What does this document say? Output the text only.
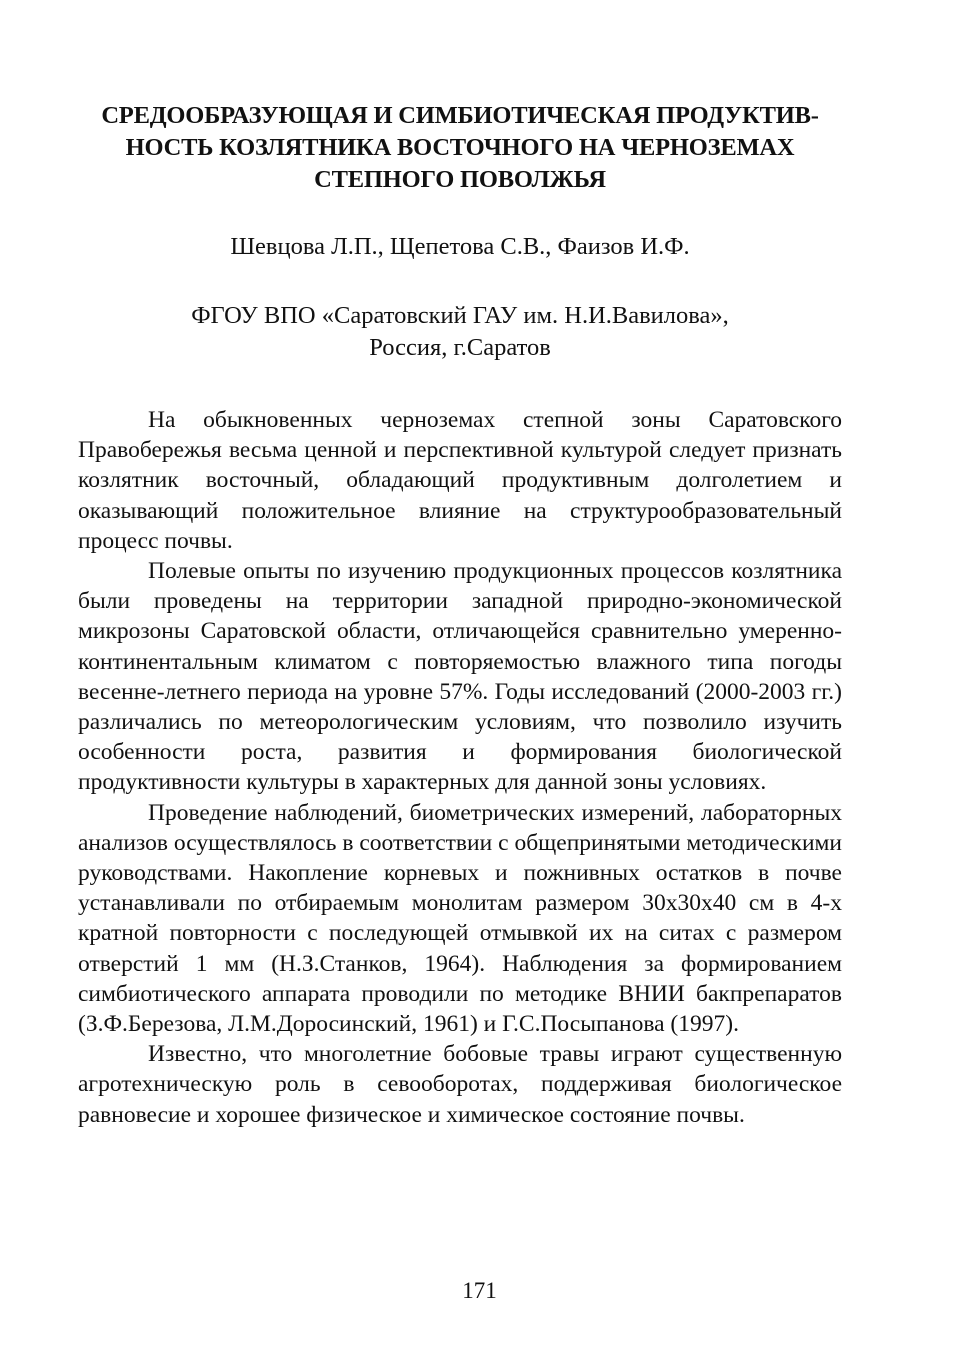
СРЕДООБРАЗУЮЩАЯ И СИМБИОТИЧЕСКАЯ ПРОДУКТИВ-
НОСТЬ КОЗЛЯТНИКА ВОСТОЧНОГО НА ЧЕРНОЗЕМАХ
СТЕПНОГО ПОВОЛЖЬЯ
Шевцова Л.П., Щепетова С.В., Фаизов И.Ф.
ФГОУ ВПО «Саратовский ГАУ им. Н.И.Вавилова»,
Россия, г.Саратов

На обыкновенных черноземах степной зоны Саратовского Правобережья весьма ценной и перспективной культурой следует признать козлятник восточный, обладающий продуктивным долголетием и оказывающий положительное влияние на структурообразовательный процесс почвы.

Полевые опыты по изучению продукционных процессов козлятника были проведены на территории западной природно-экономической микрозоны Саратовской области, отличающейся сравнительно умеренно-континентальным климатом с повторяемостью влажного типа погоды весенне-летнего периода на уровне 57%. Годы исследований (2000-2003 гг.) различались по метеорологическим условиям, что позволило изучить особенности роста, развития и формирования биологической продуктивности культуры в характерных для данной зоны условиях.

Проведение наблюдений, биометрических измерений, лабораторных анализов осуществлялось в соответствии с общепринятыми методическими руководствами. Накопление корневых и пожнивных остатков в почве устанавливали по отбираемым монолитам размером 30х30х40 см в 4-х кратной повторности с последующей отмывкой их на ситах с размером отверстий 1 мм (Н.З.Станков, 1964). Наблюдения за формированием симбиотического аппарата проводили по методике ВНИИ бакпрепаратов (З.Ф.Березова, Л.М.Доросинский, 1961) и Г.С.Посыпанова (1997).

Известно, что многолетние бобовые травы играют существенную агротехническую роль в севооборотах, поддерживая биологическое равновесие и хорошее физическое и химическое состояние почвы.

171
